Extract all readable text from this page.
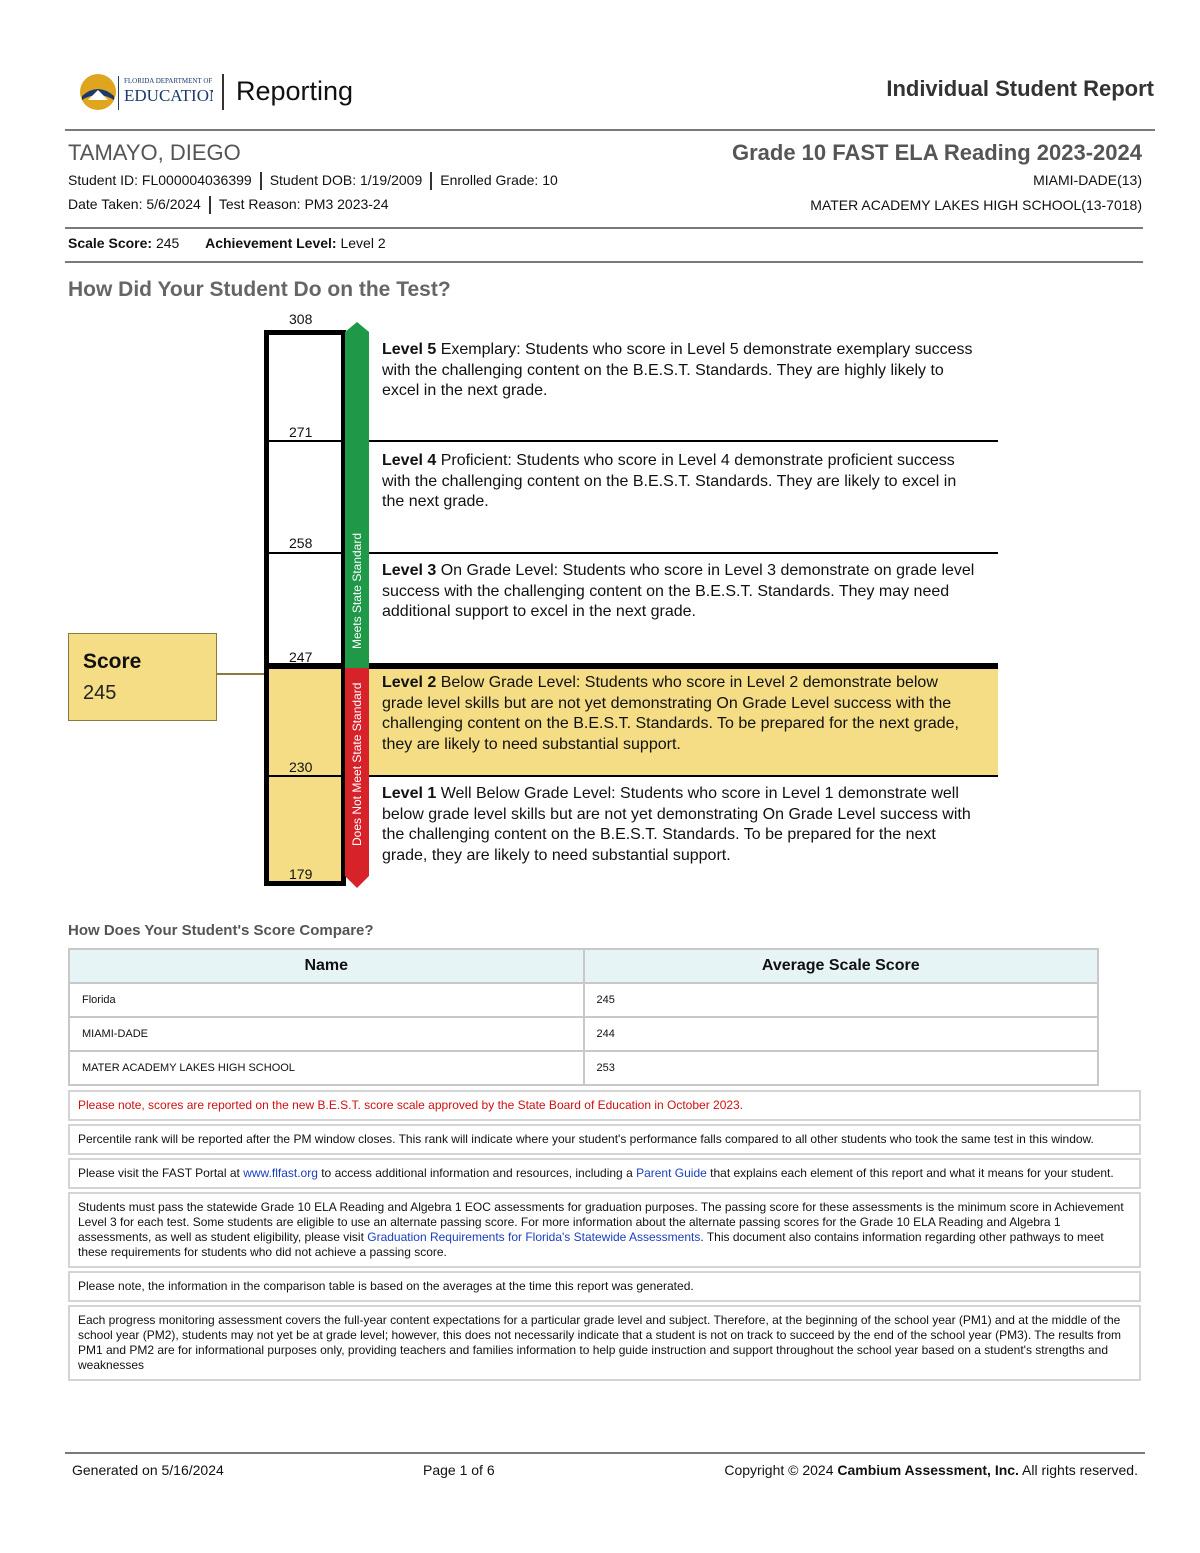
FLORIDA DEPARTMENT OF
EDUCATION Reporting	Individual Student Report
TAMAYO, DIEGO	Grade 10 FAST ELA Reading 2023-2024
Student ID: FL000004036399 Student DOB: 1/19/2009 Enrolled Grade: 10
Date Taken: 5/6/2024 Test Reason: PM3 2023-24
MIAMI-DADE(13)
MATER ACADEMY LAKES HIGH SCHOOL(13-7018)
Scale Score: 245 Achievement Level: Level 2
How Did Your Student Do on the Test?
308
271
258
247
230
179
Meets State Standard
Does Not Meet State Standard
Level 5 Exemplary: Students who score in Level 5 demonstrate exemplary success with the challenging content on the B.E.S.T. Standards. They are highly likely to excel in the next grade.
Level 4 Proficient: Students who score in Level 4 demonstrate proficient success with the challenging content on the B.E.S.T. Standards. They are likely to excel in the next grade.
Level 3 On Grade Level: Students who score in Level 3 demonstrate on grade level success with the challenging content on the B.E.S.T. Standards. They may need additional support to excel in the next grade.
Level 2 Below Grade Level: Students who score in Level 2 demonstrate below grade level skills but are not yet demonstrating On Grade Level success with the challenging content on the B.E.S.T. Standards. To be prepared for the next grade, they are likely to need substantial support.
Level 1 Well Below Grade Level: Students who score in Level 1 demonstrate well below grade level skills but are not yet demonstrating On Grade Level success with the challenging content on the B.E.S.T. Standards. To be prepared for the next grade, they are likely to need substantial support.
Score
245
How Does Your Student's Score Compare?
Name	Average Scale Score
Florida	245
MIAMI-DADE	244
MATER ACADEMY LAKES HIGH SCHOOL	253
Please note, scores are reported on the new B.E.S.T. score scale approved by the State Board of Education in October 2023.
Percentile rank will be reported after the PM window closes. This rank will indicate where your student's performance falls compared to all other students who took the same test in this window.
Please visit the FAST Portal at www.flfast.org to access additional information and resources, including a Parent Guide that explains each element of this report and what it means for your student.
Students must pass the statewide Grade 10 ELA Reading and Algebra 1 EOC assessments for graduation purposes. The passing score for these assessments is the minimum score in Achievement Level 3 for each test. Some students are eligible to use an alternate passing score. For more information about the alternate passing scores for the Grade 10 ELA Reading and Algebra 1 assessments, as well as student eligibility, please visit Graduation Requirements for Florida's Statewide Assessments. This document also contains information regarding other pathways to meet these requirements for students who did not achieve a passing score.
Please note, the information in the comparison table is based on the averages at the time this report was generated.
Each progress monitoring assessment covers the full-year content expectations for a particular grade level and subject. Therefore, at the beginning of the school year (PM1) and at the middle of the school year (PM2), students may not yet be at grade level; however, this does not necessarily indicate that a student is not on track to succeed by the end of the school year (PM3). The results from PM1 and PM2 are for informational purposes only, providing teachers and families information to help guide instruction and support throughout the school year based on a student's strengths and weaknesses
Generated on 5/16/2024	Page 1 of 6	Copyright © 2024 Cambium Assessment, Inc. All rights reserved.
